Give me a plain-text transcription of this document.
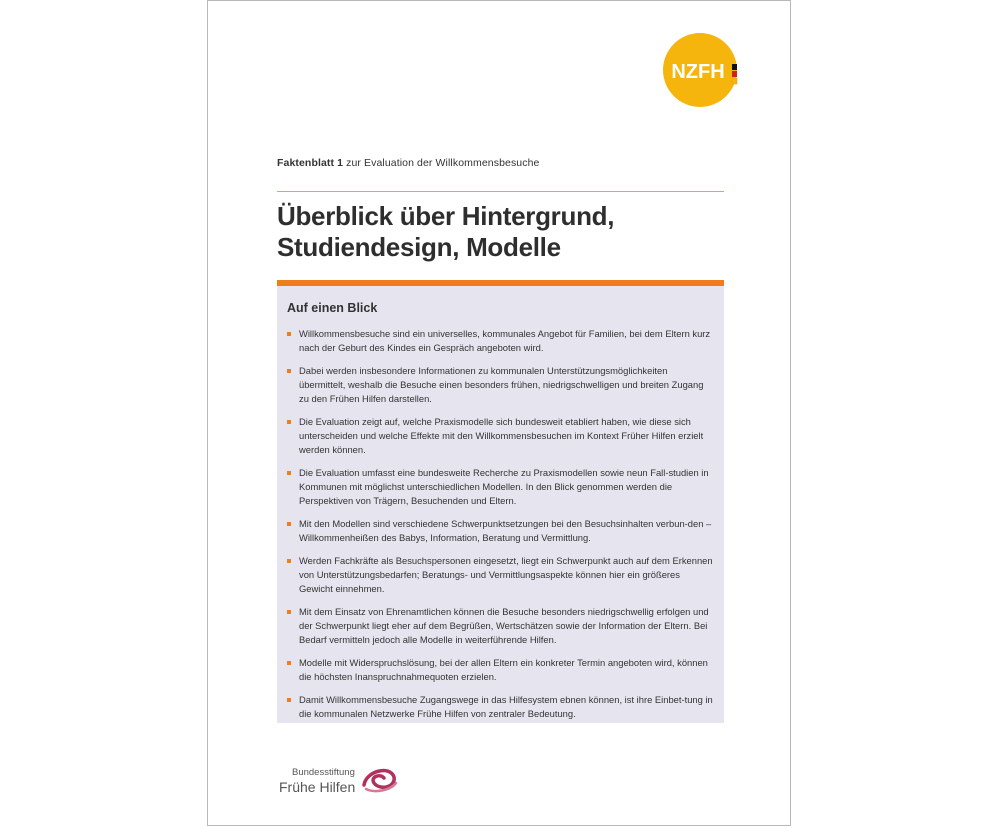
NZFH
Faktenblatt 1 zur Evaluation der Willkommensbesuche
Überblick über Hintergrund,
Studiendesign, Modelle
Auf einen Blick
Willkommensbesuche sind ein universelles, kommunales Angebot für Familien, bei dem Eltern kurz nach der Geburt des Kindes ein Gespräch angeboten wird.
Dabei werden insbesondere Informationen zu kommunalen Unterstützungsmöglichkeiten übermittelt, weshalb die Besuche einen besonders frühen, niedrigschwelligen und breiten Zugang zu den Frühen Hilfen darstellen.
Die Evaluation zeigt auf, welche Praxismodelle sich bundesweit etabliert haben, wie diese sich unterscheiden und welche Effekte mit den Willkommensbesuchen im Kontext Früher Hilfen erzielt werden können.
Die Evaluation umfasst eine bundesweite Recherche zu Praxismodellen sowie neun Fall-studien in Kommunen mit möglichst unterschiedlichen Modellen. In den Blick genommen werden die Perspektiven von Trägern, Besuchenden und Eltern.
Mit den Modellen sind verschiedene Schwerpunktsetzungen bei den Besuchsinhalten verbun-den – Willkommenheißen des Babys, Information, Beratung und Vermittlung.
Werden Fachkräfte als Besuchspersonen eingesetzt, liegt ein Schwerpunkt auch auf dem Erkennen von Unterstützungsbedarfen; Beratungs- und Vermittlungsaspekte können hier ein größeres Gewicht einnehmen.
Mit dem Einsatz von Ehrenamtlichen können die Besuche besonders niedrigschwellig erfolgen und der Schwerpunkt liegt eher auf dem Begrüßen, Wertschätzen sowie der Information der Eltern. Bei Bedarf vermitteln jedoch alle Modelle in weiterführende Hilfen.
Modelle mit Widerspruchslösung, bei der allen Eltern ein konkreter Termin angeboten wird, können die höchsten Inanspruchnahmequoten erzielen.
Damit Willkommensbesuche Zugangswege in das Hilfesystem ebnen können, ist ihre Einbet-tung in die kommunalen Netzwerke Frühe Hilfen von zentraler Bedeutung.
Bundesstiftung
Frühe Hilfen
